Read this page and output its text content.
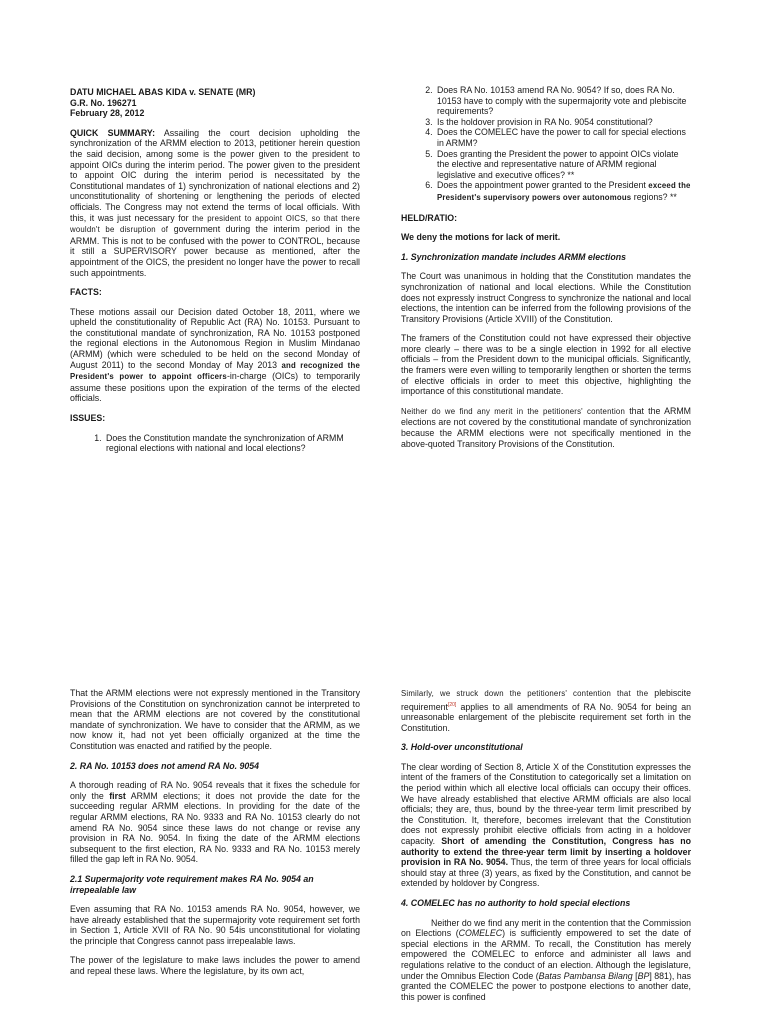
DATU MICHAEL ABAS KIDA v. SENATE (MR)

G.R. No. 196271

February 28, 2012

QUICK SUMMARY: Assailing the court decision upholding the synchronization of the ARMM election to 2013, petitioner herein question the said decision, among some is the power given to the president to appoint OICs during the interim period. The power given to the president to appoint OIC during the interim period is necessitated by the Constitutional mandates of 1) synchronization of national elections and 2) unconstitutionality of shortening or lengthening the periods of elected officials. The Congress may not extend the terms of local officials. With this, it was just necessary for the president to appoint OICS, so that there wouldn't be disruption of government during the interim period in the ARMM. This is not to be confused with the power to CONTROL, because it still a SUPERVISORY power because as mentioned, after the appointment of the OICS, the president no longer have the power to recall such appointments.

FACTS:

These motions assail our Decision dated October 18, 2011, where we upheld the constitutionality of Republic Act (RA) No. 10153. Pursuant to the constitutional mandate of synchronization, RA No. 10153 postponed the regional elections in the Autonomous Region in Muslim Mindanao (ARMM) (which were scheduled to be held on the second Monday of August 2011) to the second Monday of May 2013 and recognized the President's power to appoint officers-in-charge (OICs) to temporarily assume these positions upon the expiration of the terms of the elected officials.

ISSUES:
1. Does the Constitution mandate the synchronization of ARMM regional elections with national and local elections?
2. Does RA No. 10153 amend RA No. 9054? If so, does RA No. 10153 have to comply with the supermajority vote and plebiscite requirements?
3. Is the holdover provision in RA No. 9054 constitutional?
4. Does the COMELEC have the power to call for special elections in ARMM?
5. Does granting the President the power to appoint OICs violate the elective and representative nature of ARMM regional legislative and executive offices? **
6. Does the appointment power granted to the President exceed the President's supervisory powers over autonomous regions? **
HELD/RATIO:

We deny the motions for lack of merit.

1. Synchronization mandate includes ARMM elections

The Court was unanimous in holding that the Constitution mandates the synchronization of national and local elections. While the Constitution does not expressly instruct Congress to synchronize the national and local elections, the intention can be inferred from the following provisions of the Transitory Provisions (Article XVIII) of the Constitution.

The framers of the Constitution could not have expressed their objective more clearly – there was to be a single election in 1992 for all elective officials – from the President down to the municipal officials. Significantly, the framers were even willing to temporarily lengthen or shorten the terms of elective officials in order to meet this objective, highlighting the importance of this constitutional mandate.

Neither do we find any merit in the petitioners' contention that the ARMM elections are not covered by the constitutional mandate of synchronization because the ARMM elections were not specifically mentioned in the above-quoted Transitory Provisions of the Constitution.

That the ARMM elections were not expressly mentioned in the Transitory Provisions of the Constitution on synchronization cannot be interpreted to mean that the ARMM elections are not covered by the constitutional mandate of synchronization. We have to consider that the ARMM, as we now know it, had not yet been officially organized at the time the Constitution was enacted and ratified by the people.

2. RA No. 10153 does not amend RA No. 9054

A thorough reading of RA No. 9054 reveals that it fixes the schedule for only the first ARMM elections; it does not provide the date for the succeeding regular ARMM elections. In providing for the date of the regular ARMM elections, RA No. 9333 and RA No. 10153 clearly do not amend RA No. 9054 since these laws do not change or revise any provision in RA No. 9054. In fixing the date of the ARMM elections subsequent to the first election, RA No. 9333 and RA No. 10153 merely filled the gap left in RA No. 9054.

2.1 Supermajority vote requirement makes RA No. 9054 an irrepealable law

Even assuming that RA No. 10153 amends RA No. 9054, however, we have already established that the supermajority vote requirement set forth in Section 1, Article XVII of RA No. 90 54is unconstitutional for violating the principle that Congress cannot pass irrepealable laws.

The power of the legislature to make laws includes the power to amend and repeal these laws. Where the legislature, by its own act,

Similarly, we struck down the petitioners' contention that the plebiscite requirement[20] applies to all amendments of RA No. 9054 for being an unreasonable enlargement of the plebiscite requirement set forth in the Constitution.

3. Hold-over unconstitutional

The clear wording of Section 8, Article X of the Constitution expresses the intent of the framers of the Constitution to categorically set a limitation on the period within which all elective local officials can occupy their offices. We have already established that elective ARMM officials are also local officials; they are, thus, bound by the three-year term limit prescribed by the Constitution. It, therefore, becomes irrelevant that the Constitution does not expressly prohibit elective officials from acting in a holdover capacity. Short of amending the Constitution, Congress has no authority to extend the three-year term limit by inserting a holdover provision in RA No. 9054. Thus, the term of three years for local officials should stay at three (3) years, as fixed by the Constitution, and cannot be extended by holdover by Congress.

4. COMELEC has no authority to hold special elections

Neither do we find any merit in the contention that the Commission on Elections (COMELEC) is sufficiently empowered to set the date of special elections in the ARMM. To recall, the Constitution has merely empowered the COMELEC to enforce and administer all laws and regulations relative to the conduct of an election. Although the legislature, under the Omnibus Election Code (Batas Pambansa Bilang [BP] 881), has granted the COMELEC the power to postpone elections to another date, this power is confined
